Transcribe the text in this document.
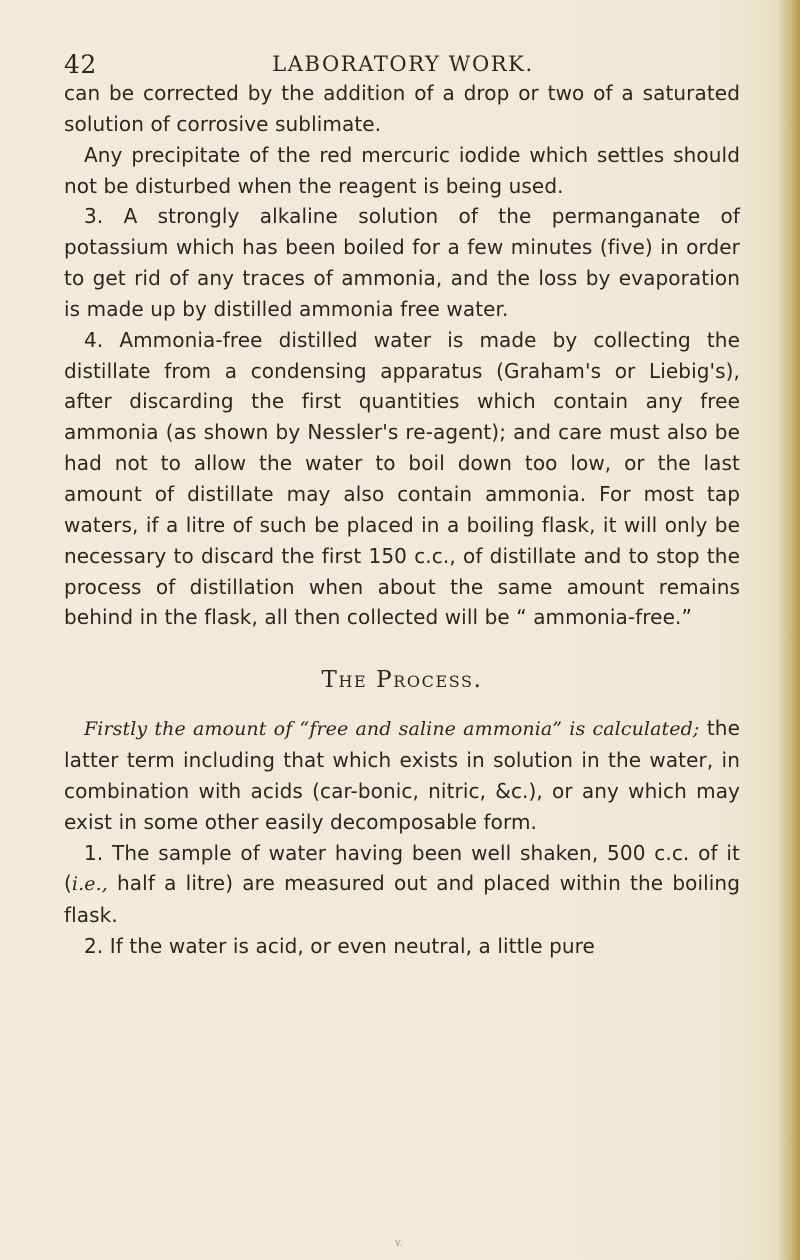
42	LABORATORY WORK.

can be corrected by the addition of a drop or two of a saturated solution of corrosive sublimate.

Any precipitate of the red mercuric iodide which settles should not be disturbed when the reagent is being used.

3. A strongly alkaline solution of the permanganate of potassium which has been boiled for a few minutes (five) in order to get rid of any traces of ammonia, and the loss by evaporation is made up by distilled ammonia free water.

4. Ammonia-free distilled water is made by collecting the distillate from a condensing apparatus (Graham's or Liebig's), after discarding the first quantities which contain any free ammonia (as shown by Nessler's re-agent); and care must also be had not to allow the water to boil down too low, or the last amount of distillate may also contain ammonia. For most tap waters, if a litre of such be placed in a boiling flask, it will only be necessary to discard the first 150 c.c., of distillate and to stop the process of distillation when about the same amount remains behind in the flask, all then collected will be “ ammonia-free.”

The Process.

Firstly the amount of “free and saline ammonia” is calculated; the latter term including that which exists in solution in the water, in combination with acids (car-bonic, nitric, &c.), or any which may exist in some other easily decomposable form.

1. The sample of water having been well shaken, 500 c.c. of it (i.e., half a litre) are measured out and placed within the boiling flask.

2. If the water is acid, or even neutral, a little pure

v.
